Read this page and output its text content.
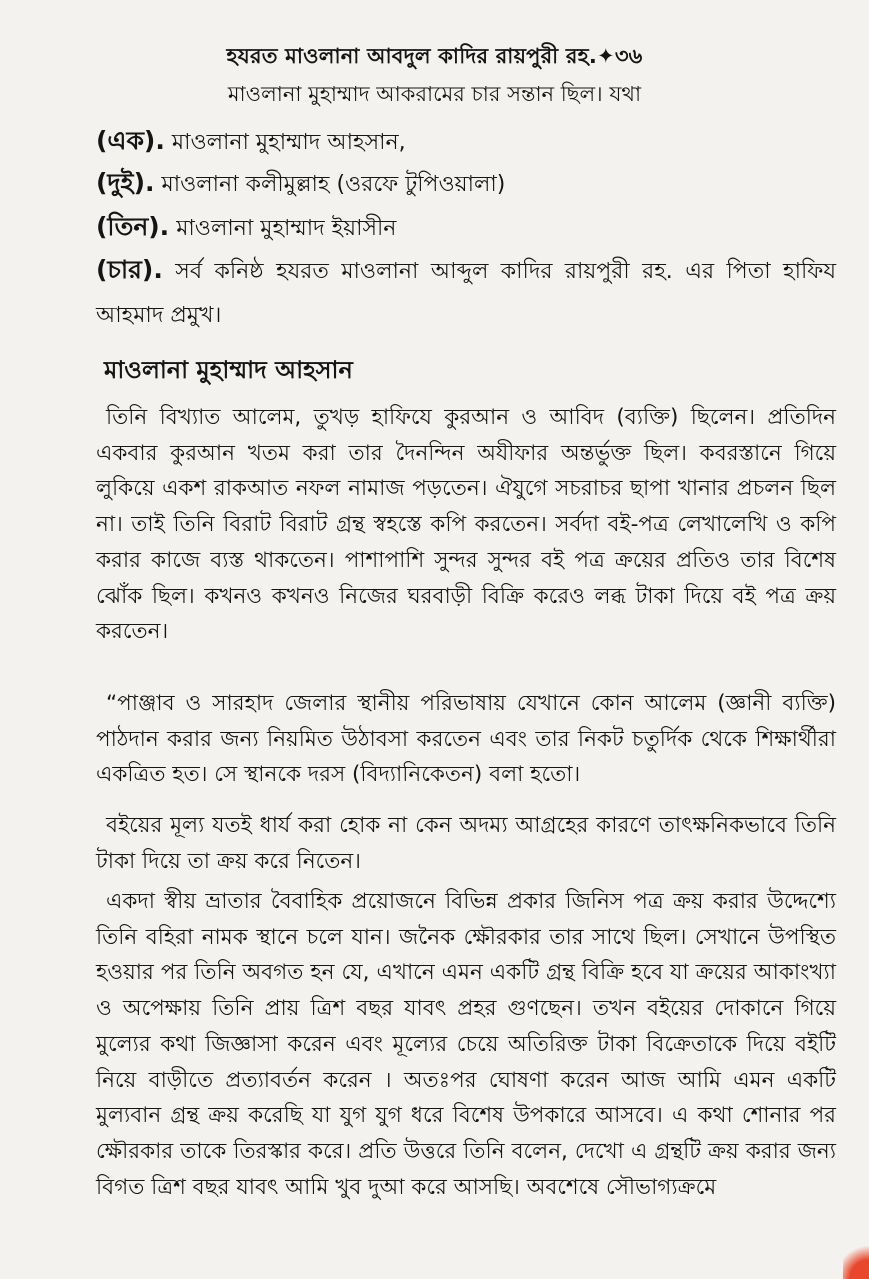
হযরত মাওলানা আবদুল কাদির রায়পুরী রহ.✦৩৬
মাওলানা মুহাম্মাদ আকরামের চার সন্তান ছিল। যথা
(এক). মাওলানা মুহাম্মাদ আহসান,
(দুই). মাওলানা কলীমুল্লাহ (ওরফে টুপিওয়ালা)
(তিন). মাওলানা মুহাম্মাদ ইয়াসীন
(চার). সর্ব কনিষ্ঠ হযরত মাওলানা আব্দুল কাদির রায়পুরী রহ. এর পিতা হাফিয আহমাদ প্রমুখ।
মাওলানা মুহাম্মাদ আহসান
তিনি বিখ্যাত আলেম, তুখড় হাফিযে কুরআন ও আবিদ (ব্যক্তি) ছিলেন। প্রতিদিন একবার কুরআন খতম করা তার দৈনন্দিন অযীফার অন্তর্ভুক্ত ছিল। কবরস্তানে গিয়ে লুকিয়ে একশ রাকআত নফল নামাজ পড়তেন। ঐযুগে সচরাচর ছাপা খানার প্রচলন ছিল না। তাই তিনি বিরাট বিরাট গ্রন্থ স্বহস্তে কপি করতেন। সর্বদা বই-পত্র লেখালেখি ও কপি করার কাজে ব্যস্ত থাকতেন। পাশাপাশি সুন্দর সুন্দর বই পত্র ক্রয়ের প্রতিও তার বিশেষ ঝোঁক ছিল। কখনও কখনও নিজের ঘরবাড়ী বিক্রি করেও লব্ধ টাকা দিয়ে বই পত্র ক্রয় করতেন।
“পাঞ্জাব ও সারহাদ জেলার স্থানীয় পরিভাষায় যেখানে কোন আলেম (জ্ঞানী ব্যক্তি) পাঠদান করার জন্য নিয়মিত উঠাবসা করতেন এবং তার নিকট চতুর্দিক থেকে শিক্ষার্থীরা একত্রিত হত। সে স্থানকে দরস (বিদ্যানিকেতন) বলা হতো।
বইয়ের মূল্য যতই ধার্য করা হোক না কেন অদম্য আগ্রহের কারণে তাৎক্ষনিকভাবে তিনি টাকা দিয়ে তা ক্রয় করে নিতেন।
একদা স্বীয় ভ্রাতার বৈবাহিক প্রয়োজনে বিভিন্ন প্রকার জিনিস পত্র ক্রয় করার উদ্দেশ্যে তিনি বহিরা নামক স্থানে চলে যান। জনৈক ক্ষৌরকার তার সাথে ছিল। সেখানে উপস্থিত হওয়ার পর তিনি অবগত হন যে, এখানে এমন একটি গ্রন্থ বিক্রি হবে যা ক্রয়ের আকাংখ্যা ও অপেক্ষায় তিনি প্রায় ত্রিশ বছর যাবৎ প্রহর গুণছেন। তখন বইয়ের দোকানে গিয়ে মুল্যের কথা জিজ্ঞাসা করেন এবং মূল্যের চেয়ে অতিরিক্ত টাকা বিক্রেতাকে দিয়ে বইটি নিয়ে বাড়ীতে প্রত্যাবর্তন করেন । অতঃপর ঘোষণা করেন আজ আমি এমন একটি মুল্যবান গ্রন্থ ক্রয় করেছি যা যুগ যুগ ধরে বিশেষ উপকারে আসবে। এ কথা শোনার পর ক্ষৌরকার তাকে তিরস্কার করে। প্রতি উত্তরে তিনি বলেন, দেখো এ গ্রন্থটি ক্রয় করার জন্য বিগত ত্রিশ বছর যাবৎ আমি খুব দুআ করে আসছি। অবশেষে সৌভাগ্যক্রমে
